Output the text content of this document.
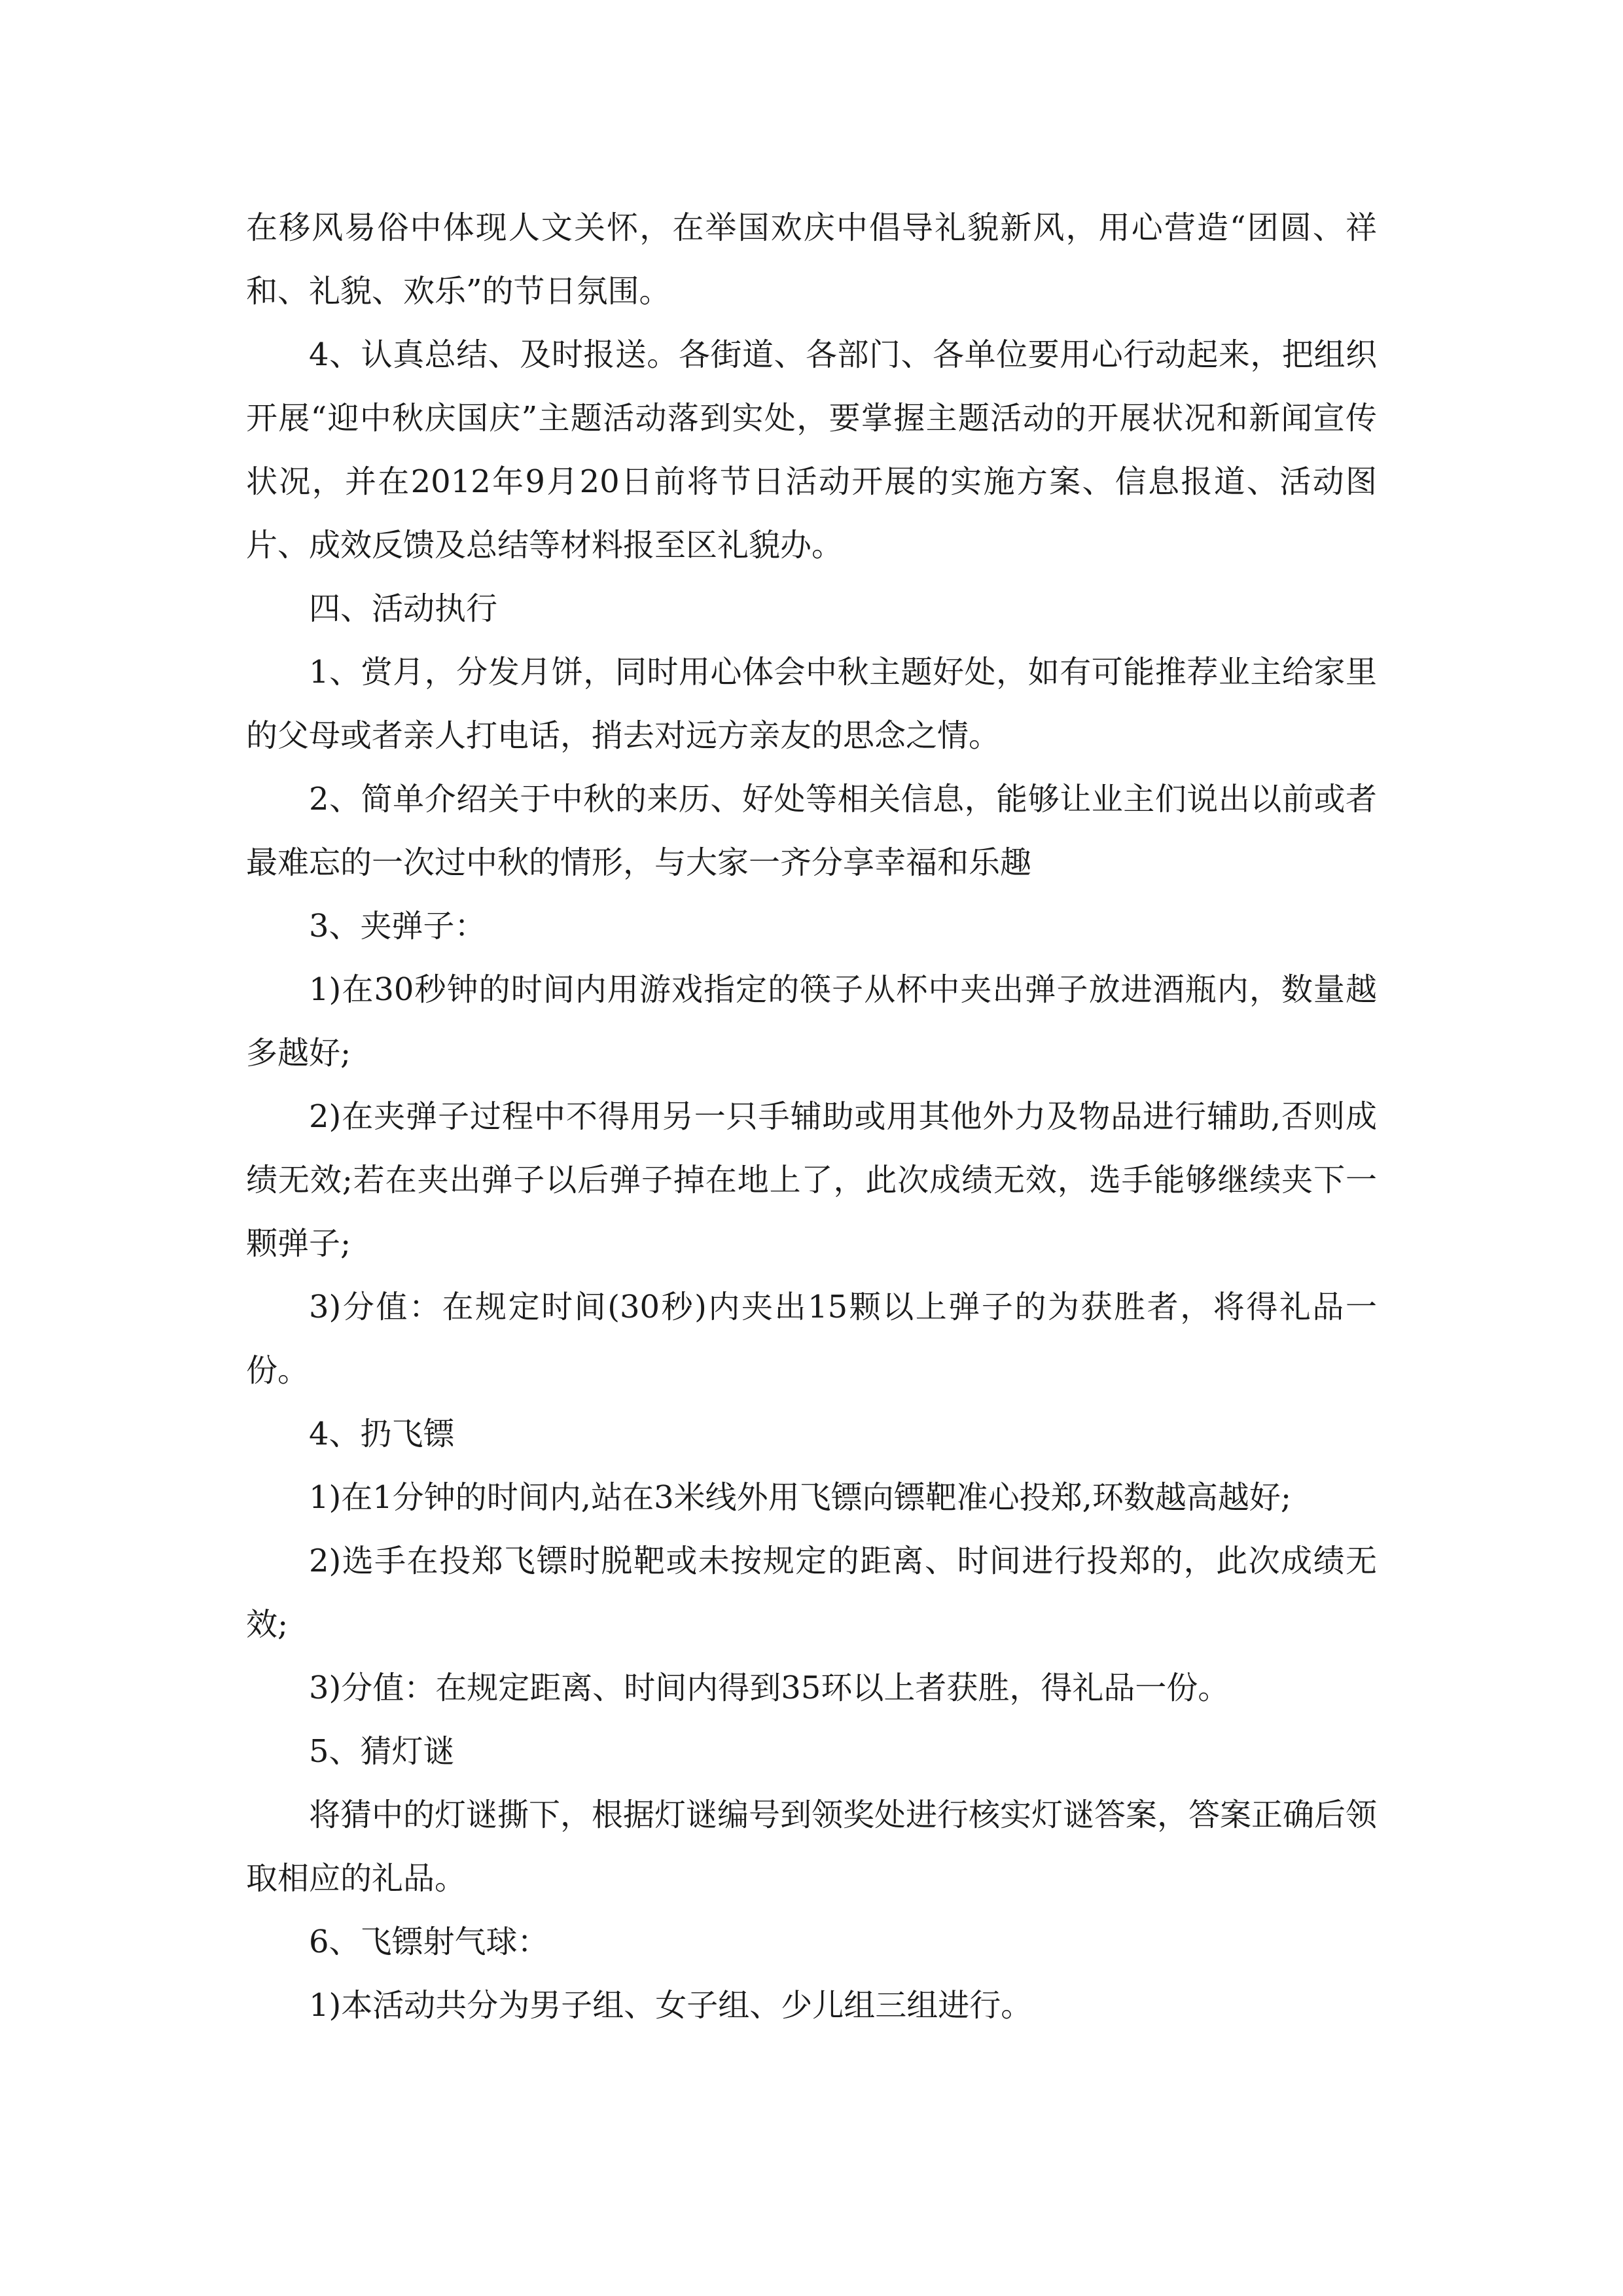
在移风易俗中体现人文关怀，在举国欢庆中倡导礼貌新风，用心营造“团圆、祥和、礼貌、欢乐”的节日氛围。

4、认真总结、及时报送。各街道、各部门、各单位要用心行动起来，把组织开展“迎中秋庆国庆”主题活动落到实处，要掌握主题活动的开展状况和新闻宣传状况，并在2012年9月20日前将节日活动开展的实施方案、信息报道、活动图片、成效反馈及总结等材料报至区礼貌办。

四、活动执行

1、赏月，分发月饼，同时用心体会中秋主题好处，如有可能推荐业主给家里的父母或者亲人打电话，捎去对远方亲友的思念之情。

2、简单介绍关于中秋的来历、好处等相关信息，能够让业主们说出以前或者最难忘的一次过中秋的情形，与大家一齐分享幸福和乐趣

3、夹弹子：

1)在30秒钟的时间内用游戏指定的筷子从杯中夹出弹子放进酒瓶内，数量越多越好;

2)在夹弹子过程中不得用另一只手辅助或用其他外力及物品进行辅助,否则成绩无效;若在夹出弹子以后弹子掉在地上了，此次成绩无效，选手能够继续夹下一颗弹子;

3)分值：在规定时间(30秒)内夹出15颗以上弹子的为获胜者，将得礼品一份。

4、扔飞镖

1)在1分钟的时间内,站在3米线外用飞镖向镖靶准心投郑,环数越高越好;

2)选手在投郑飞镖时脱靶或未按规定的距离、时间进行投郑的，此次成绩无效;

3)分值：在规定距离、时间内得到35环以上者获胜，得礼品一份。

5、猜灯谜

将猜中的灯谜撕下，根据灯谜编号到领奖处进行核实灯谜答案，答案正确后领取相应的礼品。

6、飞镖射气球：

1)本活动共分为男子组、女子组、少儿组三组进行。
